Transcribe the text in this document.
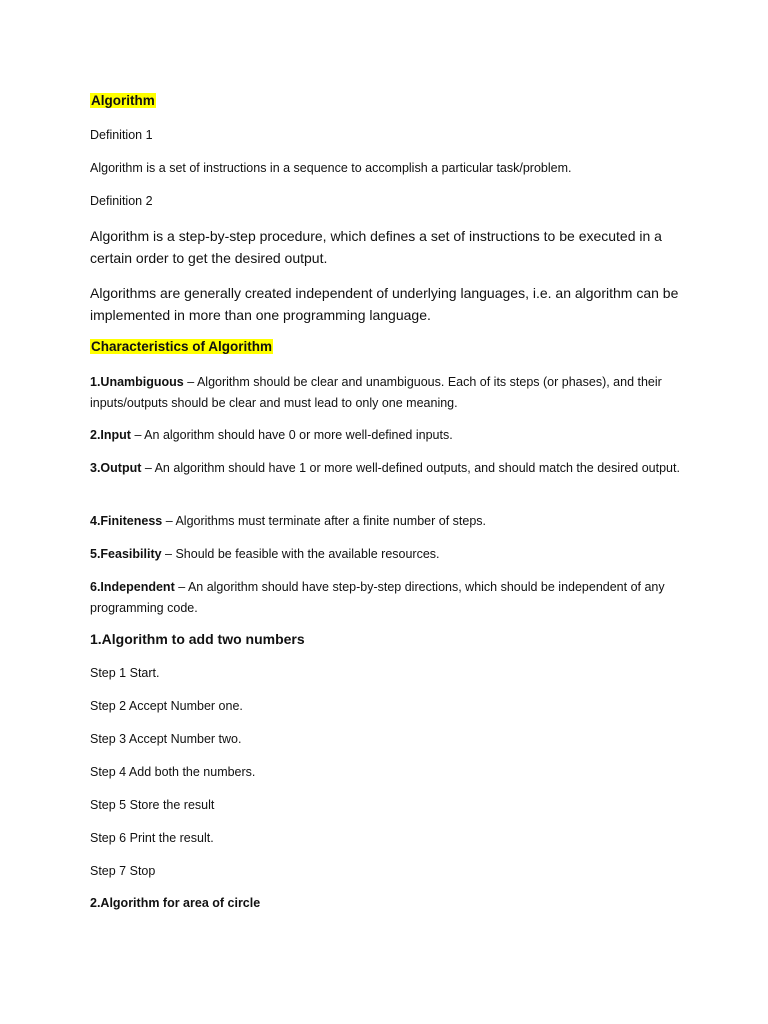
Algorithm

Definition 1

Algorithm is a set of instructions in a sequence to accomplish a particular task/problem.

Definition 2

Algorithm is a step-by-step procedure, which defines a set of instructions to be executed in a certain order to get the desired output.

Algorithms are generally created independent of underlying languages, i.e. an algorithm can be implemented in more than one programming language.

Characteristics of Algorithm

1.Unambiguous – Algorithm should be clear and unambiguous. Each of its steps (or phases), and their inputs/outputs should be clear and must lead to only one meaning.

2.Input – An algorithm should have 0 or more well-defined inputs.

3.Output – An algorithm should have 1 or more well-defined outputs, and should match the desired output.

4.Finiteness – Algorithms must terminate after a finite number of steps.

5.Feasibility – Should be feasible with the available resources.

6.Independent – An algorithm should have step-by-step directions, which should be independent of any programming code.

1.Algorithm to add two numbers

Step 1 Start.

Step 2 Accept Number one.

Step 3 Accept Number two.

Step 4 Add both the numbers.

Step 5 Store the result

Step 6 Print the result.

Step 7 Stop

2.Algorithm for area of circle
